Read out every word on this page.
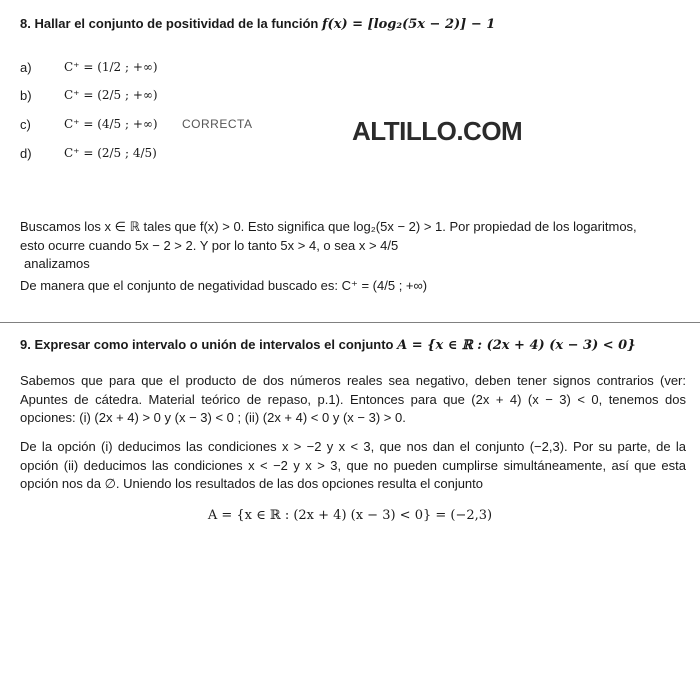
8. Hallar el conjunto de positividad de la función f(x) = [log₂(5x − 2)] − 1
a)	C⁺ = (1/2 ; +∞)
b)	C⁺ = (2/5 ; +∞)
c)	C⁺ = (4/5 ; +∞) CORRECTA
d)	C⁺ = (2/5 ; 4/5)
ALTILLO.COM
Buscamos los x ∈ ℝ tales que f(x) > 0. Esto significa que log₂(5x − 2) > 1. Por propiedad de los logaritmos,
esto ocurre cuando 5x − 2 > 2. Y por lo tanto 5x > 4, o sea x > 4/5
analizamos
De manera que el conjunto de negatividad buscado es: C⁺ = (4/5 ; +∞)
9. Expresar como intervalo o unión de intervalos el conjunto A = {x ∈ ℝ : (2x + 4) (x − 3) < 0}
Sabemos que para que el producto de dos números reales sea negativo, deben tener signos contrarios (ver: Apuntes de cátedra. Material teórico de repaso, p.1). Entonces para que (2x + 4) (x − 3) < 0, tenemos dos opciones: (i) (2x + 4) > 0 y (x − 3) < 0 ; (ii) (2x + 4) < 0 y (x − 3) > 0.
De la opción (i) deducimos las condiciones x > −2 y x < 3, que nos dan el conjunto (−2,3). Por su parte, de la opción (ii) deducimos las condiciones x < −2 y x > 3, que no pueden cumplirse simultáneamente, así que esta opción nos da ∅. Uniendo los resultados de las dos opciones resulta el conjunto
A = {x ∈ ℝ : (2x + 4) (x − 3) < 0} = (−2,3)
